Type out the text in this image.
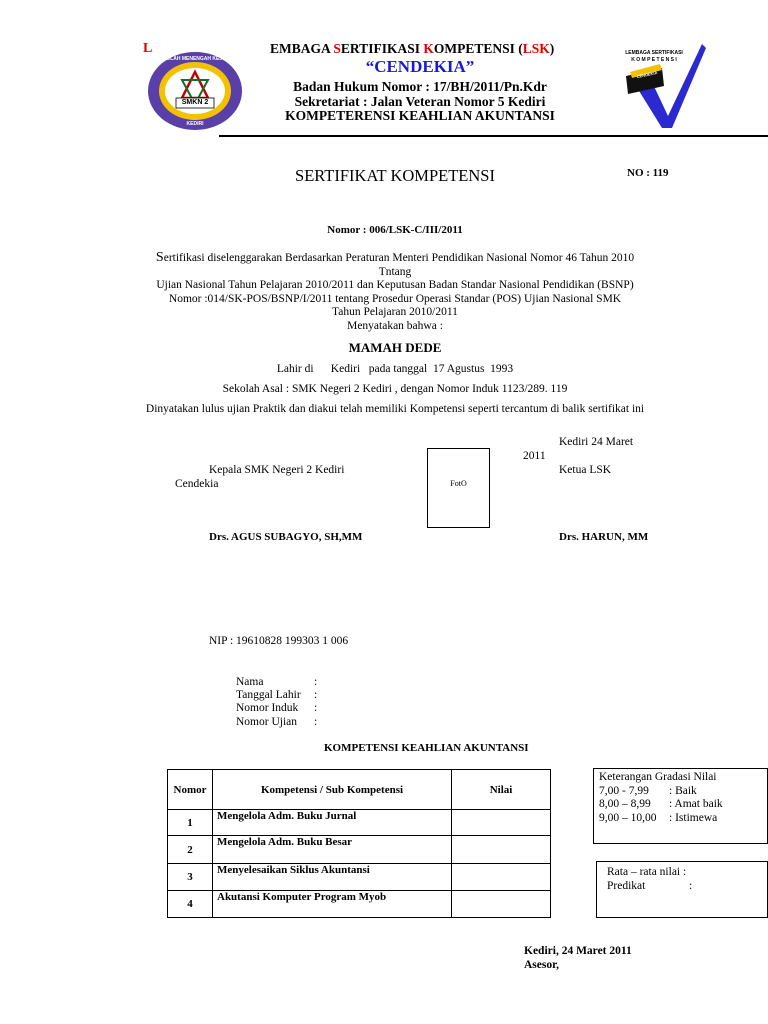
L
SMKN 2
SEKOLAH MENENGAH KEJURUAN NEGERI 2
KEDIRI
EMBAGA SERTIFIKASI KOMPETENSI (LSK)
“CENDEKIA”
Badan Hukum Nomor : 17/BH/2011/Pn.Kdr
Sekretariat : Jalan Veteran Nomor 5 Kediri
KOMPETERENSI KEAHLIAN AKUNTANSI
LEMBAGA SERTIFIKASI
K O M P E T E N S I
CENDEKIA
SERTIFIKAT KOMPETENSI	NO : 119
Nomor : 006/LSK-C/III/2011
Sertifikasi diselenggarakan Berdasarkan Peraturan Menteri Pendidikan Nasional Nomor 46 Tahun 2010
Tntang
Ujian Nasional Tahun Pelajaran 2010/2011 dan Keputusan Badan Standar Nasional Pendidikan (BSNP)
Nomor :014/SK-POS/BSNP/I/2011 tentang Prosedur Operasi Standar (POS) Ujian Nasional SMK
Tahun Pelajaran 2010/2011
Menyatakan bahwa :
MAMAH DEDE
Lahir di      Kediri   pada tanggal  17 Agustus  1993
Sekolah Asal : SMK Negeri 2 Kediri , dengan Nomor Induk 1123/289. 119
Dinyatakan lulus ujian Praktik dan diakui telah memiliki Kompetensi seperti tercantum di balik sertifikat ini
Kediri 24 Maret
2011
Kepala SMK Negeri 2 Kediri
Cendekia
Ketua LSK
FotO
Drs. AGUS SUBAGYO, SH,MM	Drs. HARUN, MM
NIP : 19610828 199303 1 006
Nama	:
Tanggal Lahir :
Nomor Induk :
Nomor Ujian :
KOMPETENSI KEAHLIAN AKUNTANSI
Nomor	Kompetensi / Sub Kompetensi	Nilai
1	Mengelola Adm. Buku Jurnal	
2	Mengelola Adm. Buku Besar	
3	Menyelesaikan Siklus Akuntansi	
4	Akutansi Komputer Program Myob	
Keterangan Gradasi Nilai
7,00 - 7,99 : Baik
8,00 – 8,99 : Amat baik
9,00 – 10,00 : Istimewa
Rata – rata nilai :
Predikat	:
Kediri, 24 Maret 2011
Asesor,
